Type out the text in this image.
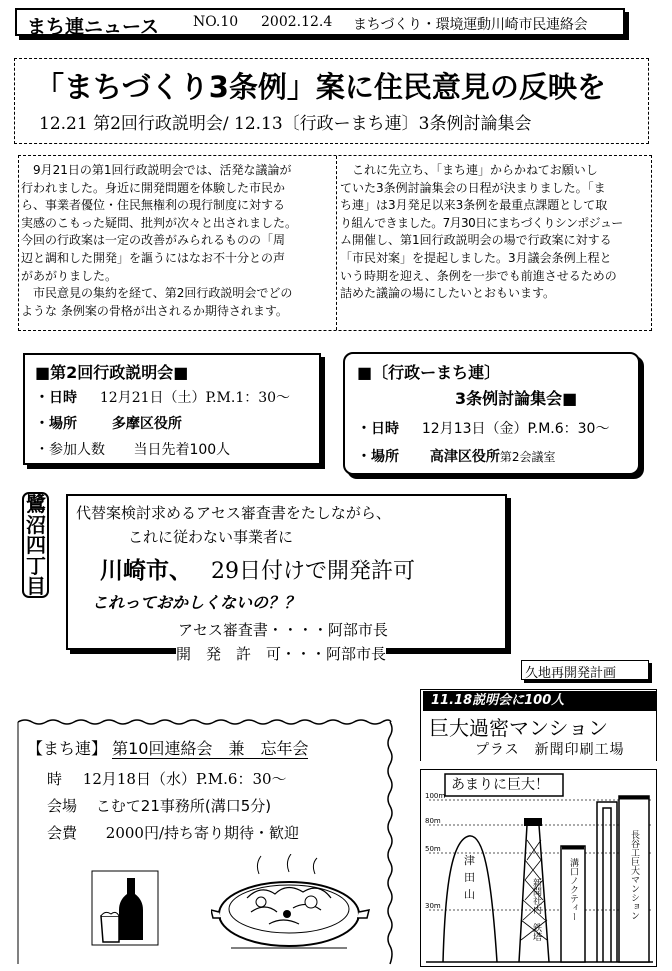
まち連ニュース NO.10 2002.12.4 まちづくり・環境運動川崎市民連絡会
「まちづくり3条例」案に住民意見の反映を
12.21 第2回行政説明会/ 12.13〔行政ーまち連〕3条例討論集会
　9月21日の第1回行政説明会では、活発な議論が
行われました。身近に開発問題を体験した市民か
ら、事業者優位・住民無権利の現行制度に対する
実感のこもった疑問、批判が次々と出されました。
今回の行政案は一定の改善がみられるものの「周
辺と調和した開発」を謳うにはなお不十分との声
があがりました。
　市民意見の集約を経て、第2回行政説明会でどの
ような 条例案の骨格が出されるか期待されます。
　これに先立ち、「まち連」からかねてお願いし
ていた3条例討論集会の日程が決まりました。「ま
ち連」は3月発足以来3条例を最重点課題として取
り組んできました。7月30日にまちづくりシンポジュー
ム開催し、第1回行政説明会の場で行政案に対する
「市民対案」を提起しました。3月議会条例上程と
いう時期を迎え、条例を一歩でも前進させるための
詰めた議論の場にしたいとおもいます。
■第2回行政説明会■
・日時 12月21日（土）P.M.1：30～
・場所 多摩区役所
・参加人数 当日先着100人
■〔行政ーまち連〕
3条例討論集会■
・日時 12月13日（金）P.M.6：30～
・場所 高津区役所第2会議室
鷺沼四丁目
代替案検討求めるアセス審査書をたしながら、
これに従わない事業者に
川崎市、 29日付けで開発許可
これっておかしくないの？？
アセス審査書・・・・阿部市長
開　発　許　可・・・阿部市長
久地再開発計画
11.18説明会に100人
巨大過密マンション
プラス　新聞印刷工場
あまりに巨大！
100m
80m
50m
30m
津田山	新聞社内　鉄塔	溝口ノクティー	長谷工巨大マンション
【まち連】 第10回連絡会　兼　忘年会
時 12月18日（水）P.M.6：30～
会場 こむて21事務所(溝口5分)
会費 2000円/持ち寄り期待・歓迎
